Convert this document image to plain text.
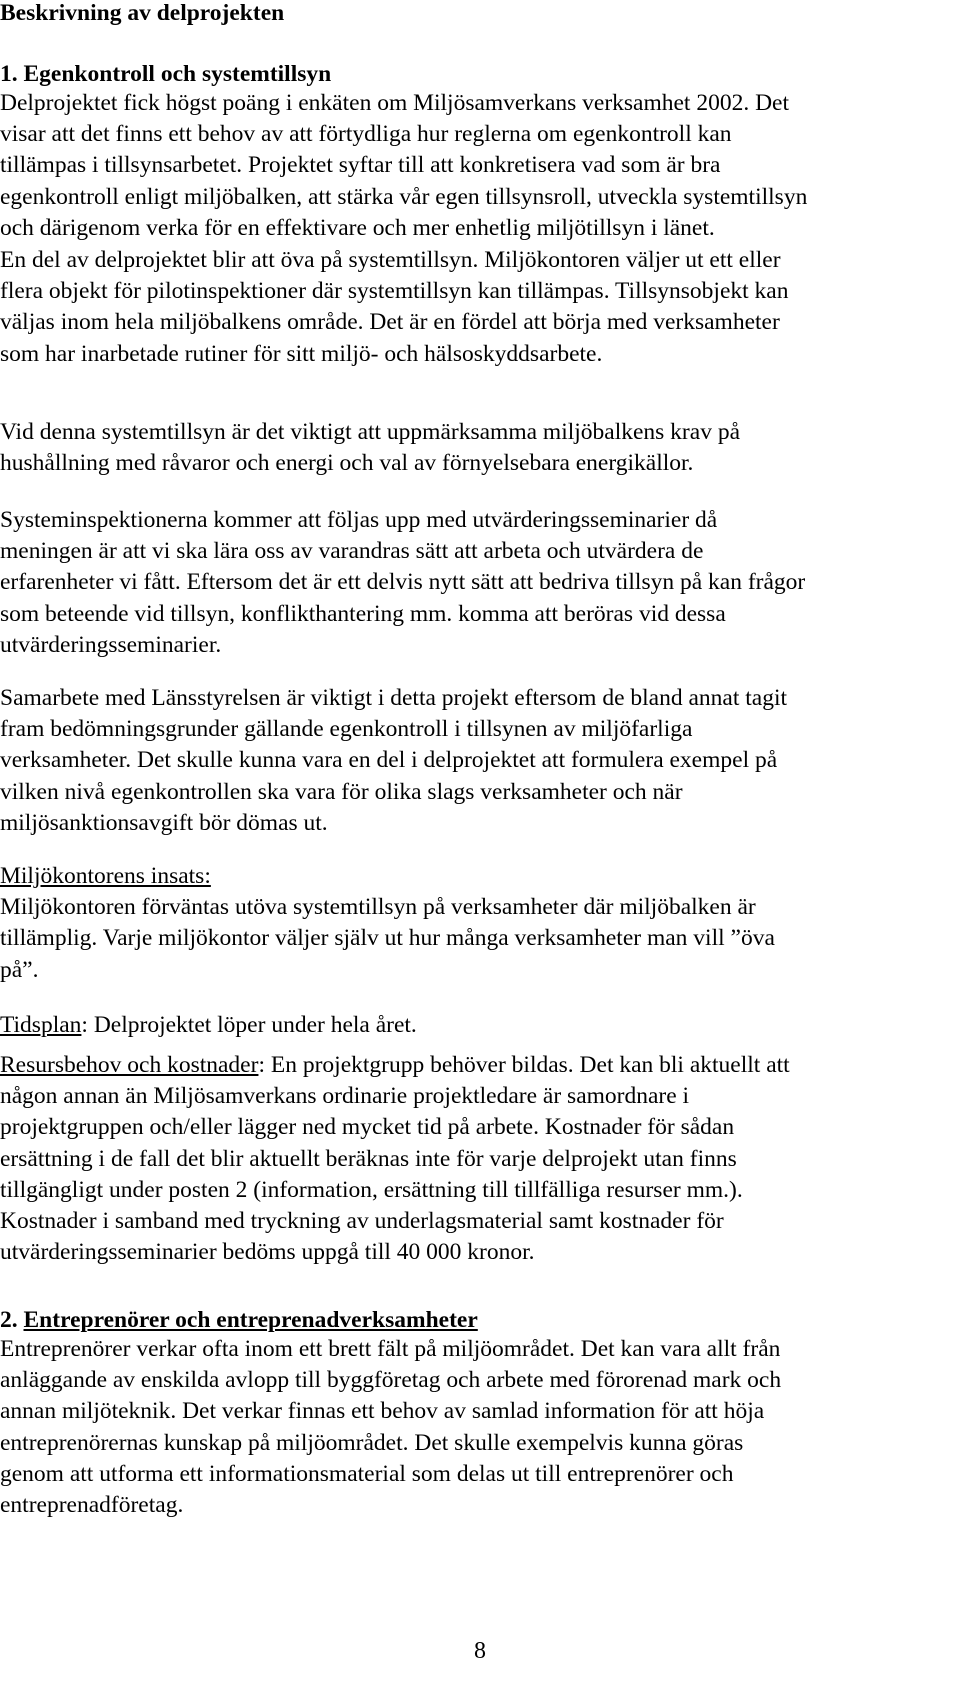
Beskrivning av delprojekten
1. Egenkontroll och systemtillsyn
Delprojektet fick högst poäng i enkäten om Miljösamverkans verksamhet 2002. Det
visar att det finns ett behov av att förtydliga hur reglerna om egenkontroll kan
tillämpas i tillsynsarbetet. Projektet syftar till att konkretisera vad som är bra
egenkontroll enligt miljöbalken, att stärka vår egen tillsynsroll, utveckla systemtillsyn
och därigenom verka för en effektivare och mer enhetlig miljötillsyn i länet.
En del av delprojektet blir att öva på systemtillsyn. Miljökontoren väljer ut ett eller
flera objekt för pilotinspektioner där systemtillsyn kan tillämpas. Tillsynsobjekt kan
väljas inom hela miljöbalkens område. Det är en fördel att börja med verksamheter
som har inarbetade rutiner för sitt miljö- och hälsoskyddsarbete.
Vid denna systemtillsyn är det viktigt att uppmärksamma miljöbalkens krav på
hushållning med råvaror och energi och val av förnyelsebara energikällor.
Systeminspektionerna kommer att följas upp med utvärderingsseminarier då
meningen är att vi ska lära oss av varandras sätt att arbeta och utvärdera de
erfarenheter vi fått. Eftersom det är ett delvis nytt sätt att bedriva tillsyn på kan frågor
som beteende vid tillsyn, konflikthantering mm. komma att beröras vid dessa
utvärderingsseminarier.
Samarbete med Länsstyrelsen är viktigt i detta projekt eftersom de bland annat tagit
fram bedömningsgrunder gällande egenkontroll i tillsynen av miljöfarliga
verksamheter. Det skulle kunna vara en del i delprojektet att formulera exempel på
vilken nivå egenkontrollen ska vara för olika slags verksamheter och när
miljösanktionsavgift bör dömas ut.
Miljökontorens insats:
Miljökontoren förväntas utöva systemtillsyn på verksamheter där miljöbalken är
tillämplig. Varje miljökontor väljer själv ut hur många verksamheter man vill ”öva
på”.
Tidsplan: Delprojektet löper under hela året.
Resursbehov och kostnader: En projektgrupp behöver bildas. Det kan bli aktuellt att
någon annan än Miljösamverkans ordinarie projektledare är samordnare i
projektgruppen och/eller lägger ned mycket tid på arbete. Kostnader för sådan
ersättning i de fall det blir aktuellt beräknas inte för varje delprojekt utan finns
tillgängligt under posten 2 (information, ersättning till tillfälliga resurser mm.).
Kostnader i samband med tryckning av underlagsmaterial samt kostnader för
utvärderingsseminarier bedöms uppgå till 40 000 kronor.
2. Entreprenörer och entreprenadverksamheter
Entreprenörer verkar ofta inom ett brett fält på miljöområdet. Det kan vara allt från
anläggande av enskilda avlopp till byggföretag och arbete med förorenad mark och
annan miljöteknik. Det verkar finnas ett behov av samlad information för att höja
entreprenörernas kunskap på miljöområdet. Det skulle exempelvis kunna göras
genom att utforma ett informationsmaterial som delas ut till entreprenörer och
entreprenadföretag.
8
